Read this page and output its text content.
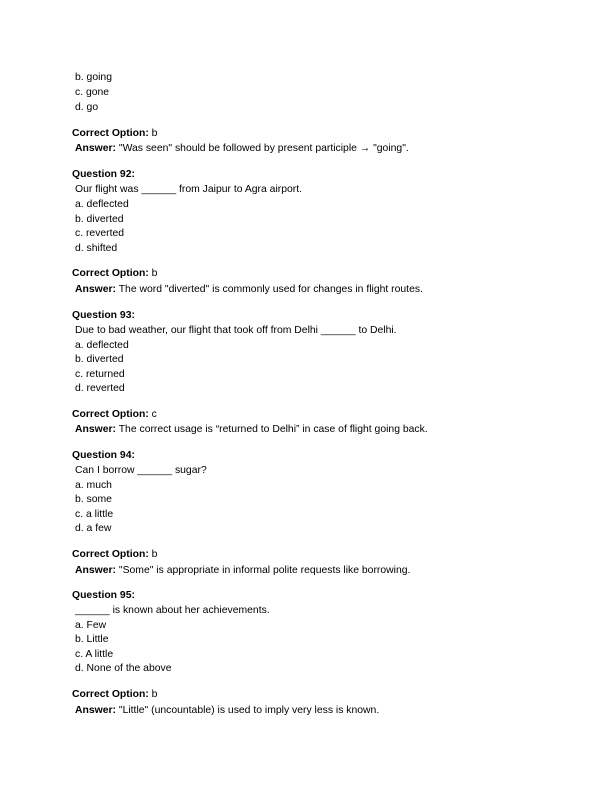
b. going
c. gone
d. go
Correct Option: b
Answer: "Was seen" should be followed by present participle → "going".
Question 92:
Our flight was ______ from Jaipur to Agra airport.
a. deflected
b. diverted
c. reverted
d. shifted
Correct Option: b
Answer: The word "diverted" is commonly used for changes in flight routes.
Question 93:
Due to bad weather, our flight that took off from Delhi ______ to Delhi.
a. deflected
b. diverted
c. returned
d. reverted
Correct Option: c
Answer: The correct usage is “returned to Delhi” in case of flight going back.
Question 94:
Can I borrow ______ sugar?
a. much
b. some
c. a little
d. a few
Correct Option: b
Answer: "Some" is appropriate in informal polite requests like borrowing.
Question 95:
______ is known about her achievements.
a. Few
b. Little
c. A little
d. None of the above
Correct Option: b
Answer: "Little" (uncountable) is used to imply very less is known.
